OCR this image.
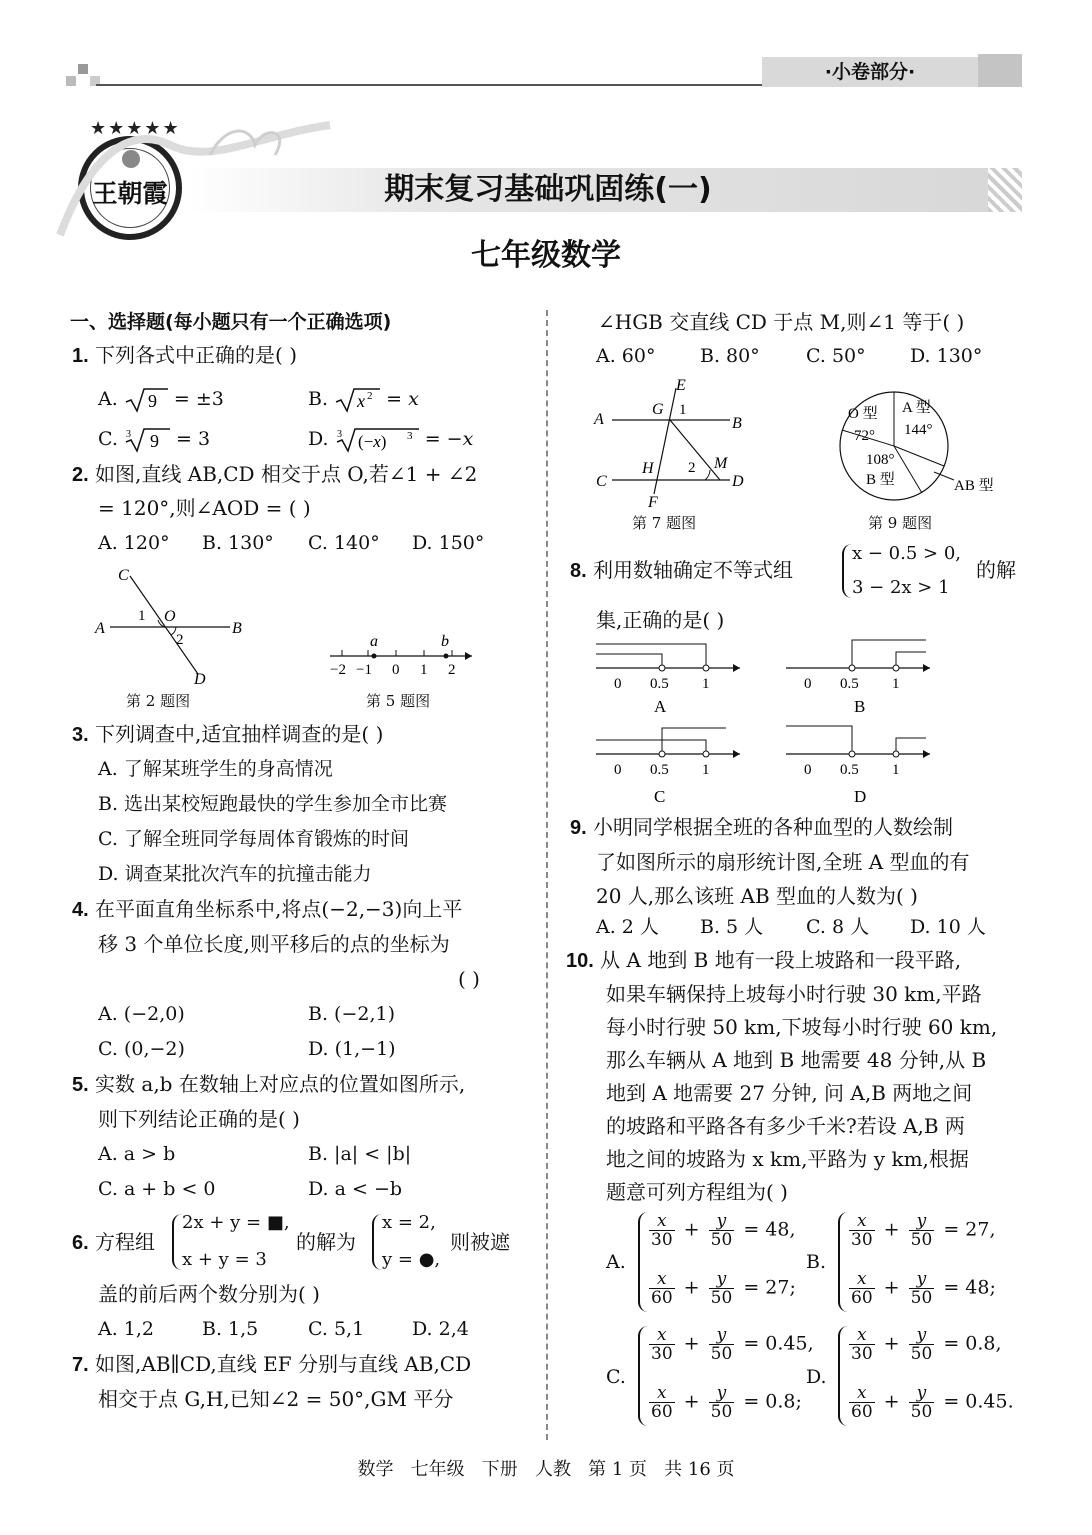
·小卷部分·
王朝霞
★★★★★
期末复习基础巩固练(一)
七年级数学
一、选择题(每小题只有一个正确选项)
1. 下列各式中正确的是( )
A. 9 = ±3	B. x 2 = x
C. 3 9 = 3	D. 3 (−x) 3 = −x
2. 如图,直线 AB,CD 相交于点 O,若∠1 + ∠2
= 120°,则∠AOD = ( )
A. 120° B. 130° C. 140° D. 150°
C
A	B
D
O
1
2
第 2 题图
a	b
−2 −1 0 1 2
第 5 题图
3. 下列调查中,适宜抽样调查的是( )
A. 了解某班学生的身高情况
B. 选出某校短跑最快的学生参加全市比赛
C. 了解全班同学每周体育锻炼的时间
D. 调查某批次汽车的抗撞击能力
4. 在平面直角坐标系中,将点(−2,−3)向上平
移 3 个单位长度,则平移后的点的坐标为
( )
A. (−2,0)	B. (−2,1)
C. (0,−2)	D. (1,−1)
5. 实数 a,b 在数轴上对应点的位置如图所示,
则下列结论正确的是( )
A. a > b	B. |a| < |b|
C. a + b < 0	D. a < −b
6. 方程组
2x + y = ■,
x + y = 3
的解为
x = 2,
y = ●,
则被遮
盖的前后两个数分别为( )
A. 1,2	B. 1,5	C. 5,1	D. 2,4
7. 如图,AB∥CD,直线 EF 分别与直线 AB,CD
相交于点 G,H,已知∠2 = 50°,GM 平分
∠HGB 交直线 CD 于点 M,则∠1 等于( )
A. 60° B. 80° C. 50° D. 130°
E
G 1
A	B
H 2 M
C	D
F
第 7 题图
O 型
72°
A 型
144°
108°
B 型	AB 型
第 9 题图
8. 利用数轴确定不等式组
x − 0.5 > 0,
3 − 2x > 1
的解
集,正确的是( )
0 0.5 1
A
0 0.5 1
B
0 0.5 1
C
0 0.5 1
D
9. 小明同学根据全班的各种血型的人数绘制
了如图所示的扇形统计图,全班 A 型血的有
20 人,那么该班 AB 型血的人数为( )
A. 2 人 B. 5 人 C. 8 人 D. 10 人
10. 从 A 地到 B 地有一段上坡路和一段平路,
如果车辆保持上坡每小时行驶 30 km,平路
每小时行驶 50 km,下坡每小时行驶 60 km,
那么车辆从 A 地到 B 地需要 48 分钟,从 B
地到 A 地需要 27 分钟, 问 A,B 两地之间
的坡路和平路各有多少千米?若设 A,B 两
地之间的坡路为 x km,平路为 y km,根据
题意可列方程组为( )
A.
$\frac{x}{30} + \frac{y}{50} = 48$,
$\frac{x}{60} + \frac{y}{50} = 27$;
B.
$\frac{x}{30} + \frac{y}{50} = 27$,
$\frac{x}{60} + \frac{y}{50} = 48$;
C.
$\frac{x}{30} + \frac{y}{50} = 0.45$,
$\frac{x}{60} + \frac{y}{50} = 0.8$;
D.
$\frac{x}{30} + \frac{y}{50} = 0.8$,
$\frac{x}{60} + \frac{y}{50} = 0.45$.
数学   七年级   下册   人教   第 1 页   共 16 页
